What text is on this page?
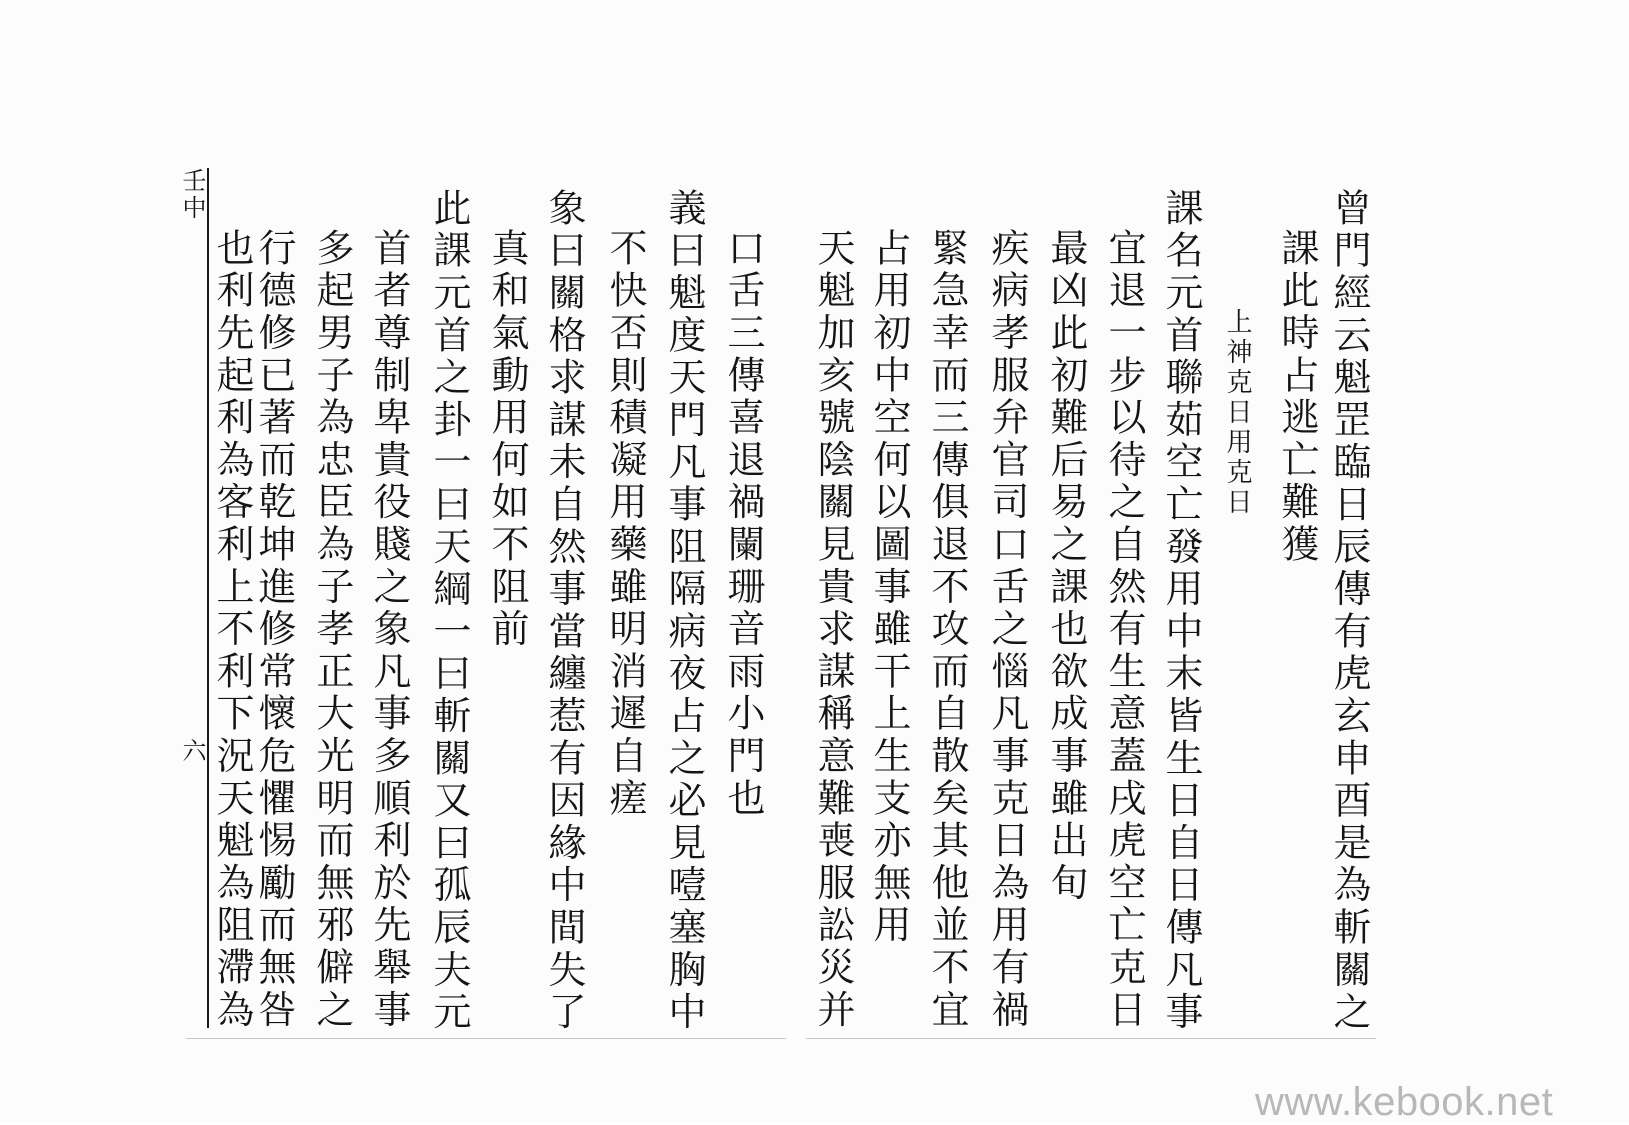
曾門經云魁罡臨日辰傳有虎玄申酉是為斬關之
課此時占逃亡難獲
上神克日用克日
課名元首聯茹空亡發用中末皆生日自日傳凡事
宜退一步以待之自然有生意蓋戌虎空亡克日
最凶此初難后易之課也欲成事雖出旬
疾病孝服弁官司口舌之惱凡事克日為用有禍
緊急幸而三傳俱退不攻而自散矣其他並不宜
占用初中空何以圖事雖干上生支亦無用
天魁加亥號陰關見貴求謀稱意難喪服訟災并
口舌三傳喜退禍闌珊音雨小門也
義曰魁度天門凡事阻隔病夜占之必見噎塞胸中
不快否則積凝用藥雖明消遲自瘥
象曰關格求謀未自然事當纏惹有因緣中間失了
真和氣動用何如不阻前
此課元首之卦一曰天綱一曰斬關又曰孤辰夫元
首者尊制卑貴役賤之象凡事多順利於先舉事
多起男子為忠臣為子孝正大光明而無邪僻之
行德修已著而乾坤進修常懷危懼惕勵而無咎
也利先起利為客利上不利下況天魁為阻滯為
壬中
六
www.kebook.net
